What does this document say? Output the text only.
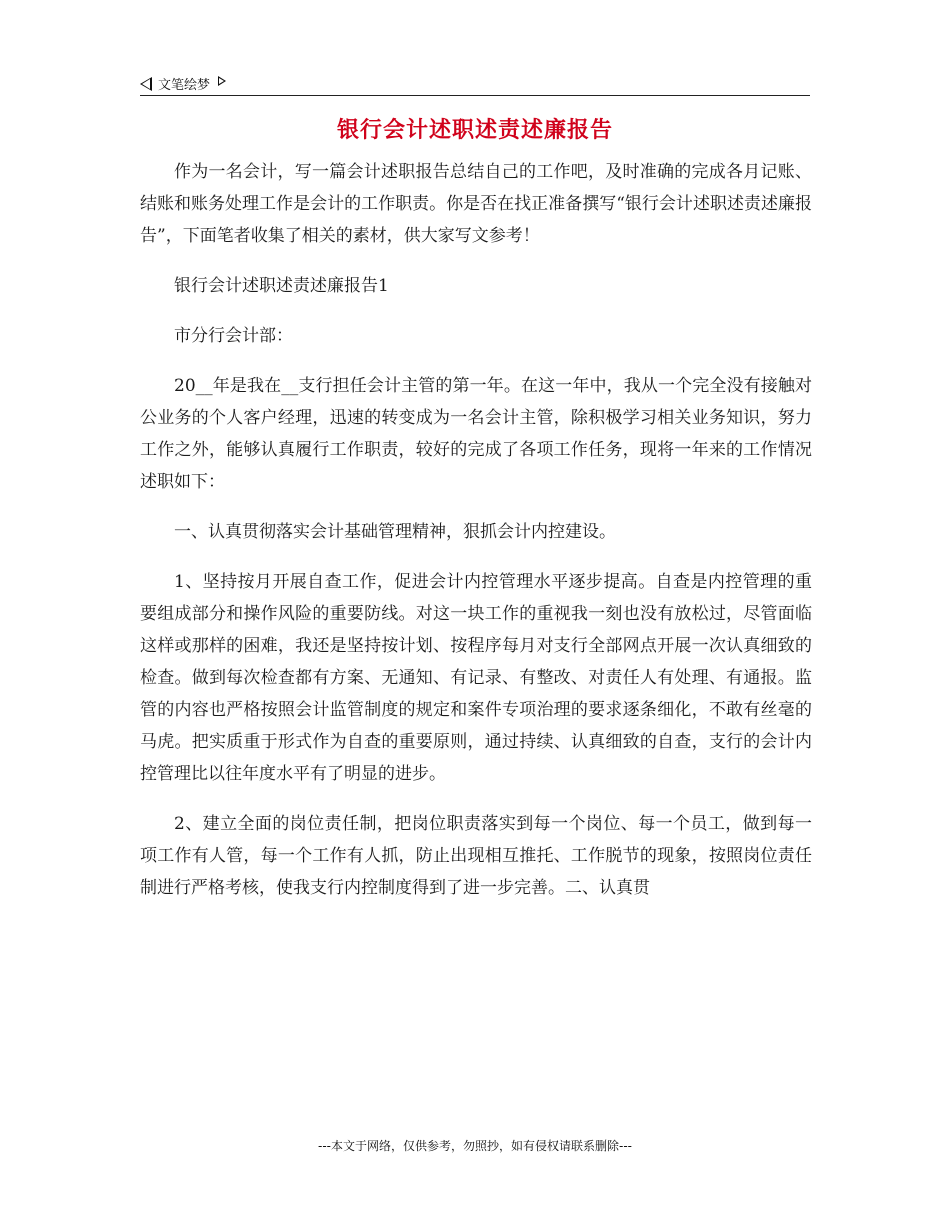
文笔绘梦
银行会计述职述责述廉报告

作为一名会计，写一篇会计述职报告总结自己的工作吧，及时准确的完成各月记账、结账和账务处理工作是会计的工作职责。你是否在找正准备撰写“银行会计述职述责述廉报告”，下面笔者收集了相关的素材，供大家写文参考！

银行会计述职述责述廉报告1

市分行会计部：

20__年是我在__支行担任会计主管的第一年。在这一年中，我从一个完全没有接触对公业务的个人客户经理，迅速的转变成为一名会计主管，除积极学习相关业务知识，努力工作之外，能够认真履行工作职责，较好的完成了各项工作任务，现将一年来的工作情况述职如下：

一、认真贯彻落实会计基础管理精神，狠抓会计内控建设。

1、坚持按月开展自查工作，促进会计内控管理水平逐步提高。自查是内控管理的重要组成部分和操作风险的重要防线。对这一块工作的重视我一刻也没有放松过，尽管面临这样或那样的困难，我还是坚持按计划、按程序每月对支行全部网点开展一次认真细致的检查。做到每次检查都有方案、无通知、有记录、有整改、对责任人有处理、有通报。监管的内容也严格按照会计监管制度的规定和案件专项治理的要求逐条细化，不敢有丝毫的马虎。把实质重于形式作为自查的重要原则，通过持续、认真细致的自查，支行的会计内控管理比以往年度水平有了明显的进步。

2、建立全面的岗位责任制，把岗位职责落实到每一个岗位、每一个员工，做到每一项工作有人管，每一个工作有人抓，防止出现相互推托、工作脱节的现象，按照岗位责任制进行严格考核，使我支行内控制度得到了进一步完善。二、认真贯

---本文于网络，仅供参考，勿照抄，如有侵权请联系删除---
